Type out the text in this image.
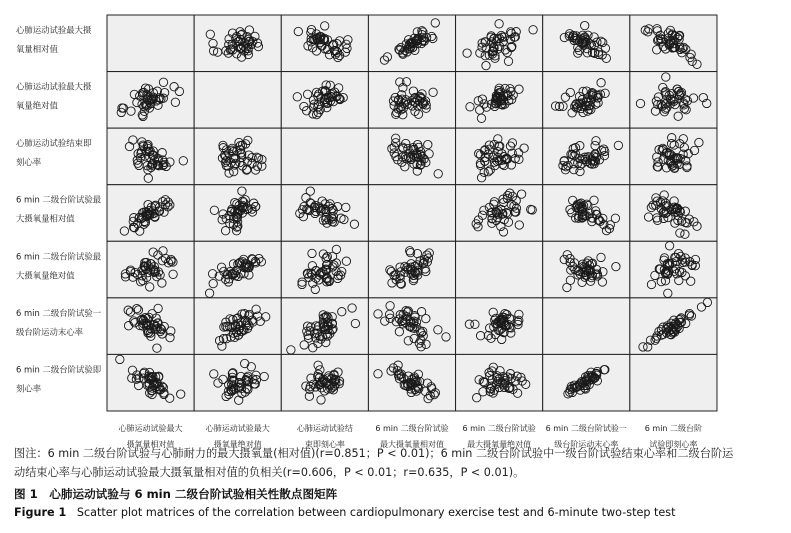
心肺运动试验最大摄
氧量相对值
心肺运动试验最大摄
氧量绝对值
心肺运动试验结束即
刻心率
6 min 二级台阶试验最
大摄氧量相对值
6 min 二级台阶试验最
大摄氧量绝对值
6 min 二级台阶试验一
级台阶运动末心率
6 min 二级台阶试验即
刻心率
心肺运动试验最大
摄氧量相对值
心肺运动试验最大
摄氧量绝对值
心肺运动试验结
束即刻心率
6 min 二级台阶试验
最大摄氧量相对值
6 min 二级台阶试验
最大摄氧量绝对值
6 min 二级台阶试验一
级台阶运动末心率
6 min 二级台阶
试验即刻心率

图注：6 min 二级台阶试验与心肺耐力的最大摄氧量(相对值)(r=0.851；P < 0.01)；6 min 二级台阶试验中一级台阶试验结束心率和二级台阶运
动结束心率与心肺运动试验最大摄氧量相对值的负相关(r=0.606，P < 0.01；r=0.635，P < 0.01)。

图 1　心肺运动试验与 6 min 二级台阶试验相关性散点图矩阵
Figure 1 Scatter plot matrices of the correlation between cardiopulmonary exercise test and 6-minute two-step test
